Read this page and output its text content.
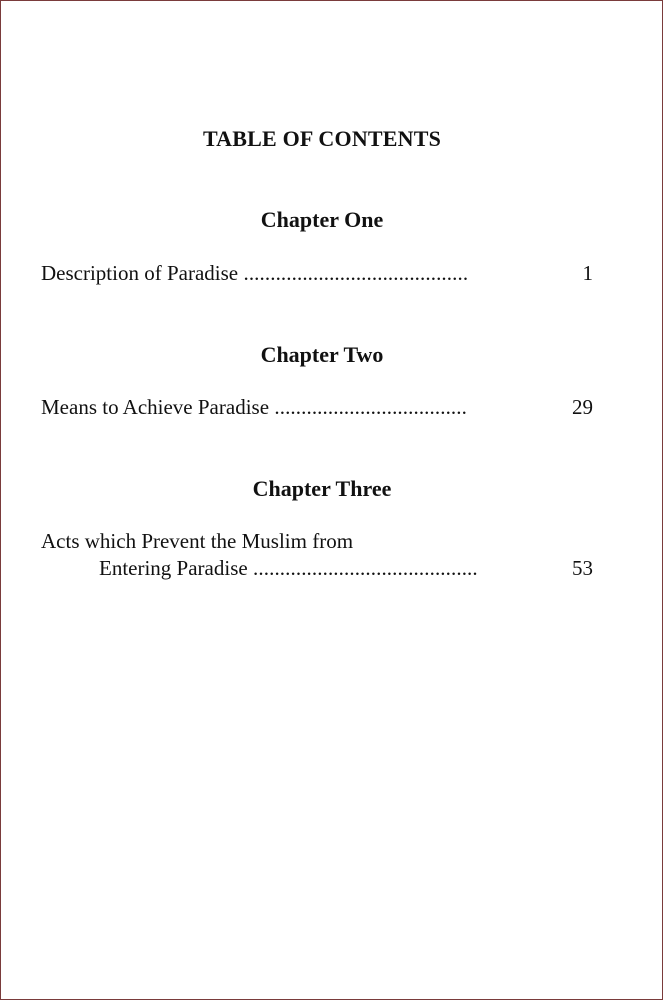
TABLE OF CONTENTS
Chapter One
Description of Paradise ..........................................	1
Chapter Two
Means to Achieve Paradise ....................................	29
Chapter Three
Acts which Prevent the Muslim from
Entering Paradise ..........................................	53
